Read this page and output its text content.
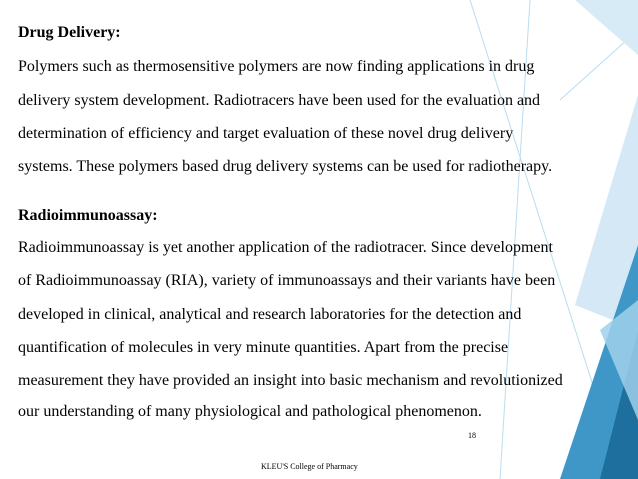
Drug Delivery:
Polymers such as thermosensitive polymers are now finding applications in drug
delivery system development. Radiotracers have been used for the evaluation and
determination of efficiency and target evaluation of these novel drug delivery
systems. These polymers based drug delivery systems can be used for radiotherapy.
Radioimmunoassay:
Radioimmunoassay is yet another application of the radiotracer. Since development
of Radioimmunoassay (RIA), variety of immunoassays and their variants have been
developed in clinical, analytical and research laboratories for the detection and
quantification of molecules in very minute quantities. Apart from the precise
measurement they have provided an insight into basic mechanism and revolutionized
our understanding of many physiological and pathological phenomenon.
18
KLEU'S College of Pharmacy
